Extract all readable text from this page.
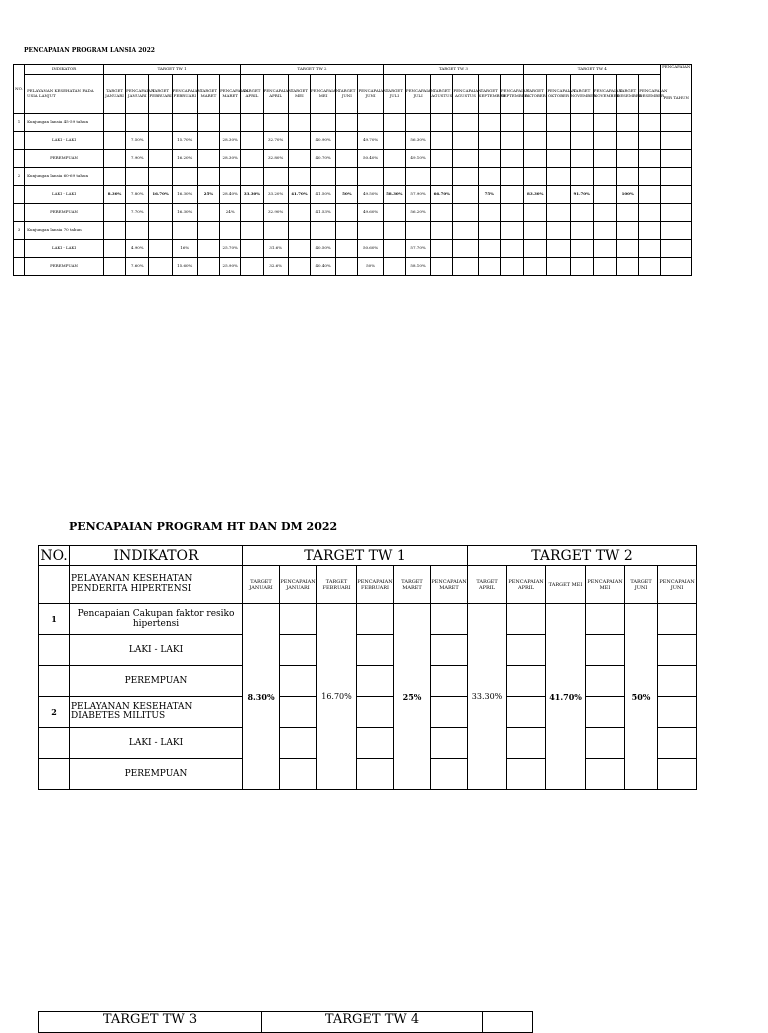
PENCAPAIAN PROGRAM LANSIA 2022
NO.	INDIKATOR	TARGET TW 1						TARGET TW 2						TARGET TW 3						TARGET TW 4						PENCAPAIAN
PER TAHUN

	PELAYANAN KESEHATAN PADA USIA LANJUT	TARGET JANUARI	PENCAPAIAN JANUARI	TARGET FEBRUARI	PENCAPAIAN FEBRUARI	TARGET MARET	PENCAPAIAN MARET	TARGET APRIL	PENCAPAIAN APRIL	TARGET MEI	PENCAPAIAN MEI	TARGET JUNI	PENCAPAIAN JUNI	TARGET JULI	PENCAPAIAN JULI	TARGET AGUSTUS	PENCAPAIAN AGUSTUS	TARGET SEPTEMBER	PENCAPAIAN SEPTEMBER	TARGET OKTOBER	PENCAPAIAN OKTOBER	TARGET NOVEMBER	PENCAPAIAN NOVEMBER	TARGET DESEMBER	PENCAPAIAN DESEMBER	
1	Kunjungan lansia 45-59 tahun																									
	LAKI - LAKI		7.50%		15.70%		28.30%		32.70%		40.90%		49.70%		56.30%											
	PEREMPUAN		7.90%		16.20%		28.30%		32.80%		40.70%		50.40%		49.10%											
2	Kunjungan lansia 60-69 tahun																									
	LAKI - LAKI	8.30%	7.80%	16.70%	16.30%	25%	28.40%	33.30%	33.20%	41.70%	41.50%	50%	49.50%	58.30%	57.90%	66.70%		75%		83.30%		91.70%		100%		
	PEREMPUAN		7.70%		16.30%		24%		32.90%		41.53%		49.60%		56.20%											
3	Kunjungan lansia 70 tahun																									
	LAKI - LAKI		4.90%		16%		25.70%		31.6%		40.50%		50.60%		57.70%											
	PEREMPUAN		7.60%		15.60%		25.90%		32.6%		40.40%		50%		58.10%											
PENCAPAIAN PROGRAM HT DAN DM 2022
NO.	INDIKATOR	TARGET TW 1						TARGET TW 2					
	PELAYANAN KESEHATAN PENDERITA HIPERTENSI	TARGET JANUARI	PENCAPAIAN JANUARI	TARGET FEBRUARI	PENCAPAIAN FEBRUARI	TARGET MARET	PENCAPAIAN MARET	TARGET APRIL	PENCAPAIAN APRIL	TARGET MEI	PENCAPAIAN MEI	TARGET JUNI	PENCAPAIAN JUNI
1	Pencapaian Cakupan faktor resiko hipertensi	8.30%		16.70%		25%		33.30%		41.70%		50%	
	LAKI - LAKI												
	PEREMPUAN												
2	PELAYANAN KESEHATAN DIABETES MILITUS												
	LAKI - LAKI												
	PEREMPUAN												
TARGET TW 3	TARGET TW 4	
